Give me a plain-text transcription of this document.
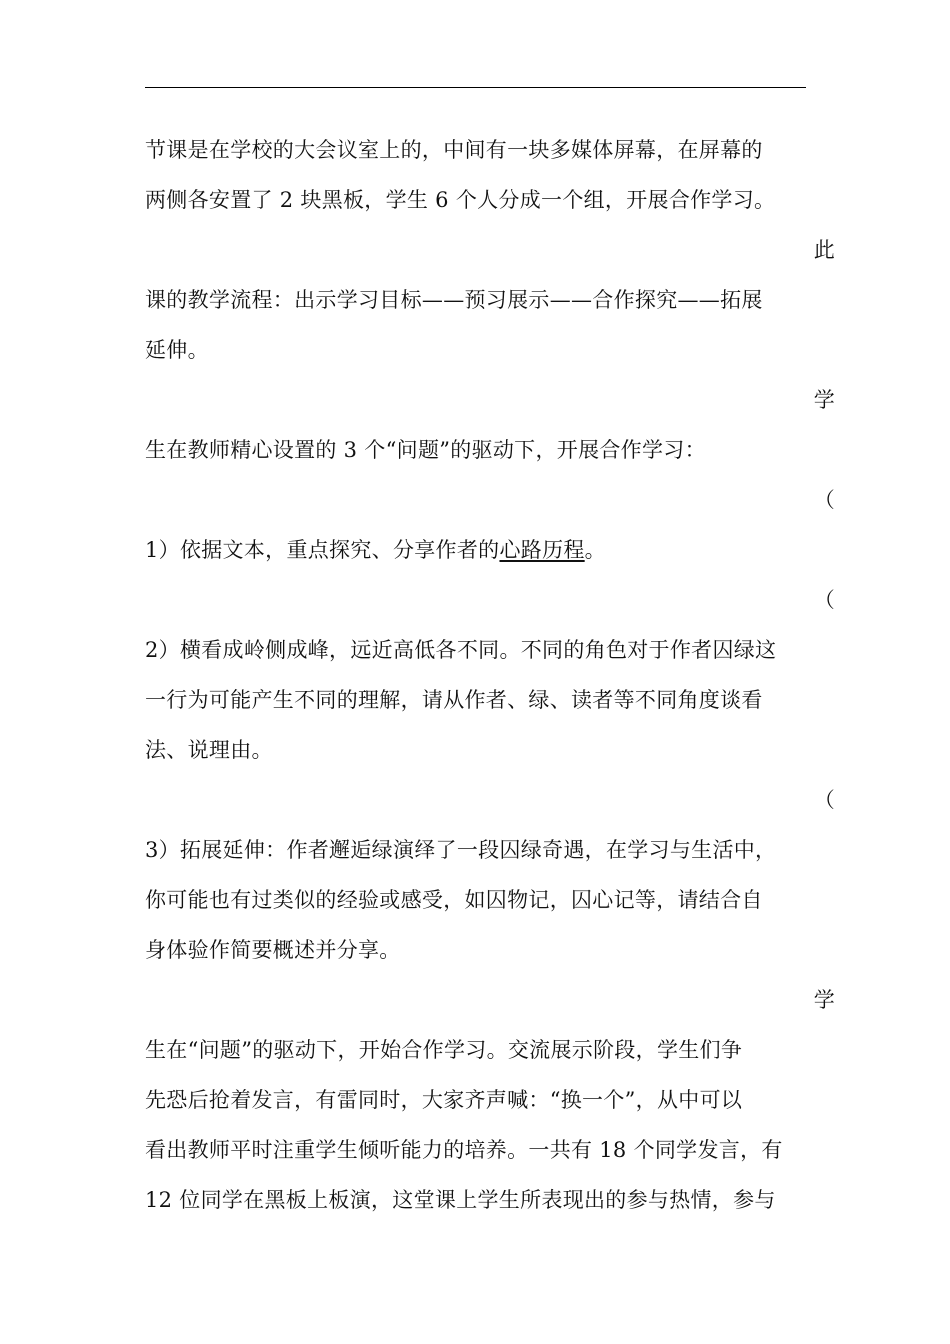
节课是在学校的大会议室上的，中间有一块多媒体屏幕，在屏幕的
两侧各安置了 2 块黑板，学生 6 个人分成一个组，开展合作学习。
此
课的教学流程：出示学习目标——预习展示——合作探究——拓展
延伸。
学
生在教师精心设置的 3 个“问题”的驱动下，开展合作学习：
（
1）依据文本，重点探究、分享作者的心路历程。
（
2）横看成岭侧成峰，远近高低各不同。不同的角色对于作者囚绿这
一行为可能产生不同的理解，请从作者、绿、读者等不同角度谈看
法、说理由。
（
3）拓展延伸：作者邂逅绿演绎了一段囚绿奇遇，在学习与生活中，
你可能也有过类似的经验或感受，如囚物记，囚心记等，请结合自
身体验作简要概述并分享。
学
生在“问题”的驱动下，开始合作学习。交流展示阶段，学生们争
先恐后抢着发言，有雷同时，大家齐声喊：“换一个”，从中可以
看出教师平时注重学生倾听能力的培养。一共有 18 个同学发言，有
12 位同学在黑板上板演，这堂课上学生所表现出的参与热情，参与
